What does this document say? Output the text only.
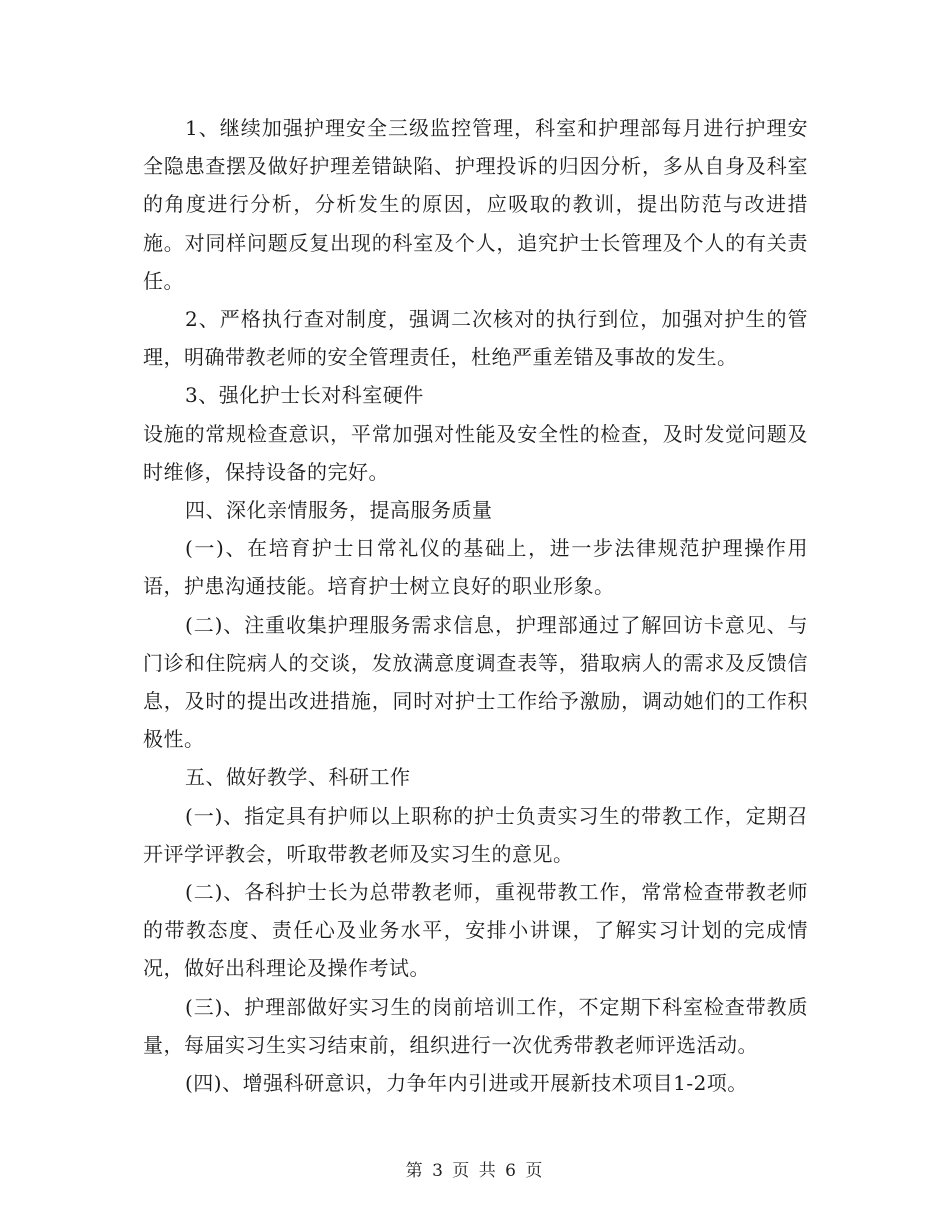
1、继续加强护理安全三级监控管理，科室和护理部每月进行护理安全隐患查摆及做好护理差错缺陷、护理投诉的归因分析，多从自身及科室的角度进行分析，分析发生的原因，应吸取的教训，提出防范与改进措施。对同样问题反复出现的科室及个人，追究护士长管理及个人的有关责任。

2、严格执行查对制度，强调二次核对的执行到位，加强对护生的管理，明确带教老师的安全管理责任，杜绝严重差错及事故的发生。

3、强化护士长对科室硬件

设施的常规检查意识，平常加强对性能及安全性的检查，及时发觉问题及时维修，保持设备的完好。

四、深化亲情服务，提高服务质量

(一)、在培育护士日常礼仪的基础上，进一步法律规范护理操作用语，护患沟通技能。培育护士树立良好的职业形象。

(二)、注重收集护理服务需求信息，护理部通过了解回访卡意见、与门诊和住院病人的交谈，发放满意度调查表等，猎取病人的需求及反馈信息，及时的提出改进措施，同时对护士工作给予激励，调动她们的工作积极性。

五、做好教学、科研工作

(一)、指定具有护师以上职称的护士负责实习生的带教工作，定期召开评学评教会，听取带教老师及实习生的意见。

(二)、各科护士长为总带教老师，重视带教工作，常常检查带教老师的带教态度、责任心及业务水平，安排小讲课，了解实习计划的完成情况，做好出科理论及操作考试。

(三)、护理部做好实习生的岗前培训工作，不定期下科室检查带教质量，每届实习生实习结束前，组织进行一次优秀带教老师评选活动。

(四)、增强科研意识，力争年内引进或开展新技术项目1-2项。

第 3 页 共 6 页
